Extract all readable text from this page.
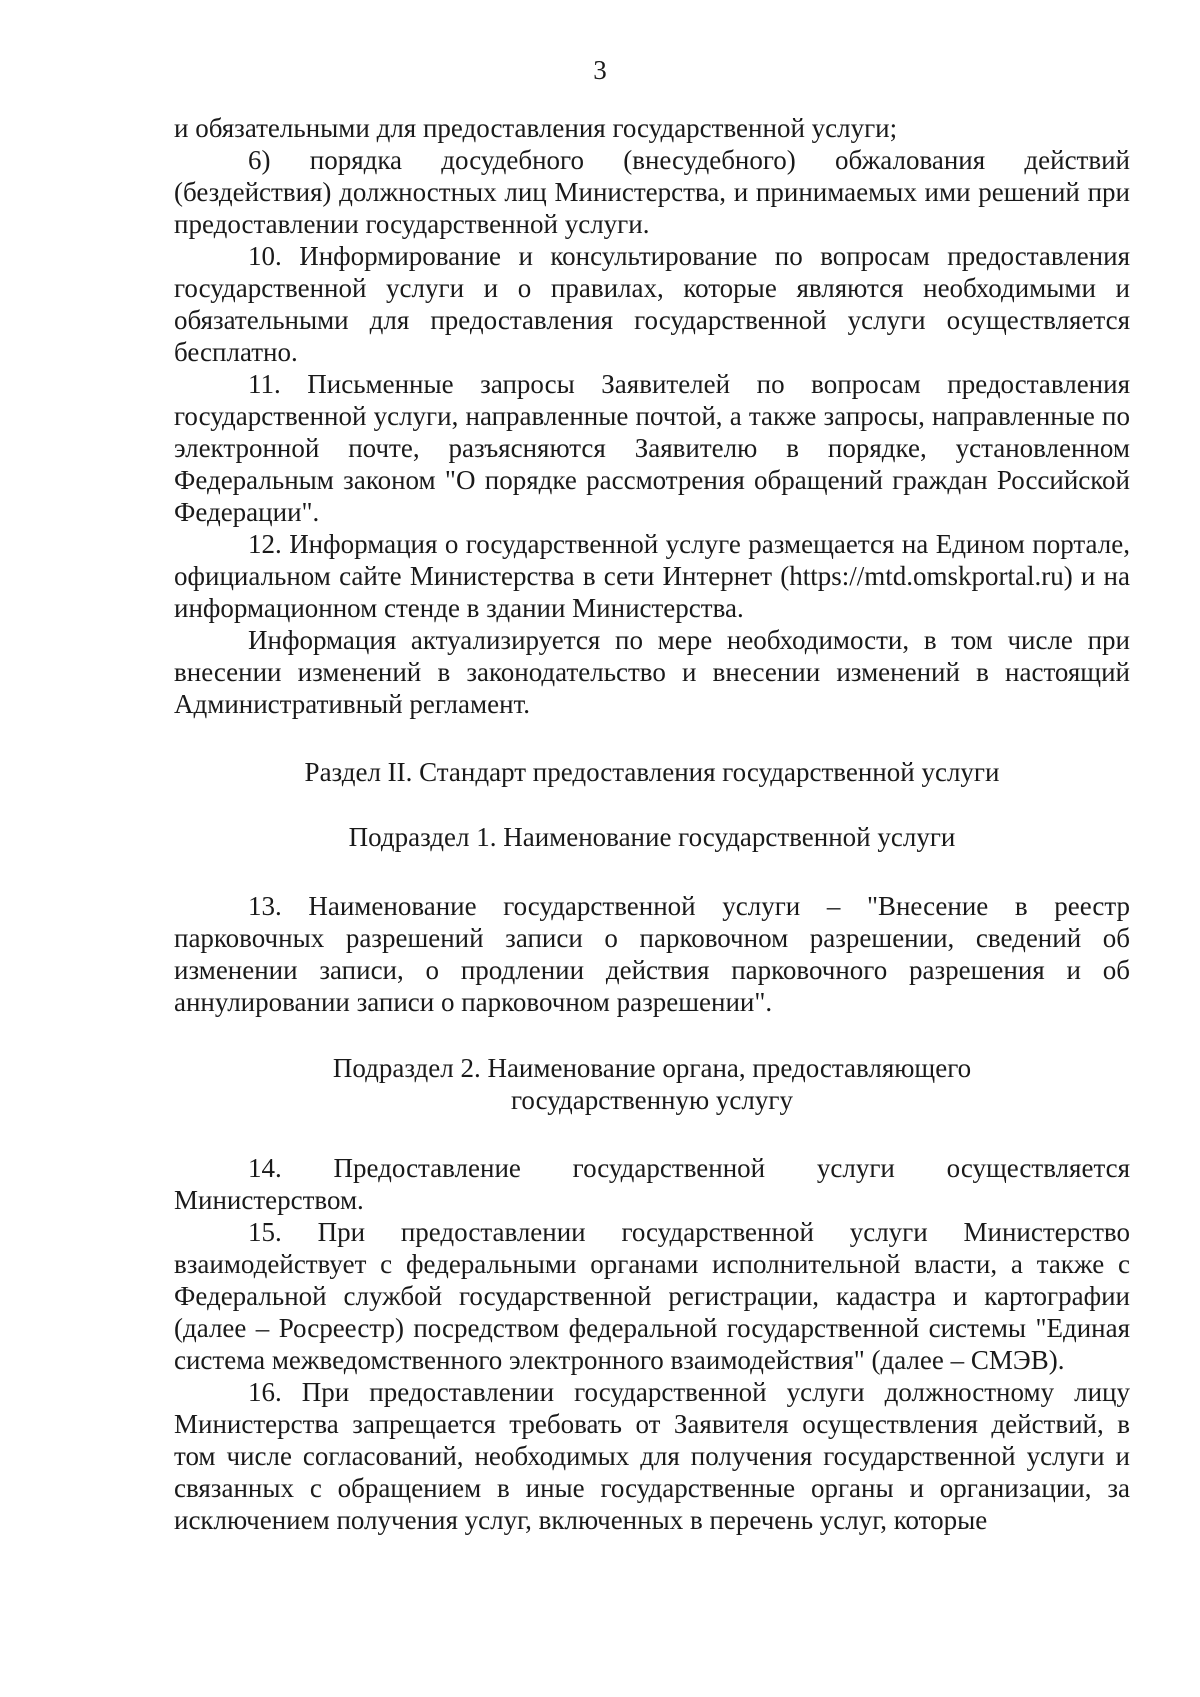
3

и обязательными для предоставления государственной услуги;

6) порядка досудебного (внесудебного) обжалования действий (бездействия) должностных лиц Министерства, и принимаемых ими решений при предоставлении государственной услуги.

10. Информирование и консультирование по вопросам предоставления государственной услуги и о правилах, которые являются необходимыми и обязательными для предоставления государственной услуги осуществляется бесплатно.

11. Письменные запросы Заявителей по вопросам предоставления государственной услуги, направленные почтой, а также запросы, направленные по электронной почте, разъясняются Заявителю в порядке, установленном Федеральным законом "О порядке рассмотрения обращений граждан Российской Федерации".

12. Информация о государственной услуге размещается на Едином портале, официальном сайте Министерства в сети Интернет (https://mtd.omskportal.ru) и на информационном стенде в здании Министерства.

Информация актуализируется по мере необходимости, в том числе при внесении изменений в законодательство и внесении изменений в настоящий Административный регламент.

Раздел II. Стандарт предоставления государственной услуги

Подраздел 1. Наименование государственной услуги

13. Наименование государственной услуги – "Внесение в реестр парковочных разрешений записи о парковочном разрешении, сведений об изменении записи, о продлении действия парковочного разрешения и об аннулировании записи о парковочном разрешении".

Подраздел 2. Наименование органа, предоставляющего государственную услугу

14. Предоставление государственной услуги осуществляется Министерством.

15. При предоставлении государственной услуги Министерство взаимодействует с федеральными органами исполнительной власти, а также с Федеральной службой государственной регистрации, кадастра и картографии (далее – Росреестр) посредством федеральной государственной системы "Единая система межведомственного электронного взаимодействия" (далее – СМЭВ).

16. При предоставлении государственной услуги должностному лицу Министерства запрещается требовать от Заявителя осуществления действий, в том числе согласований, необходимых для получения государственной услуги и связанных с обращением в иные государственные органы и организации, за исключением получения услуг, включенных в перечень услуг, которые
